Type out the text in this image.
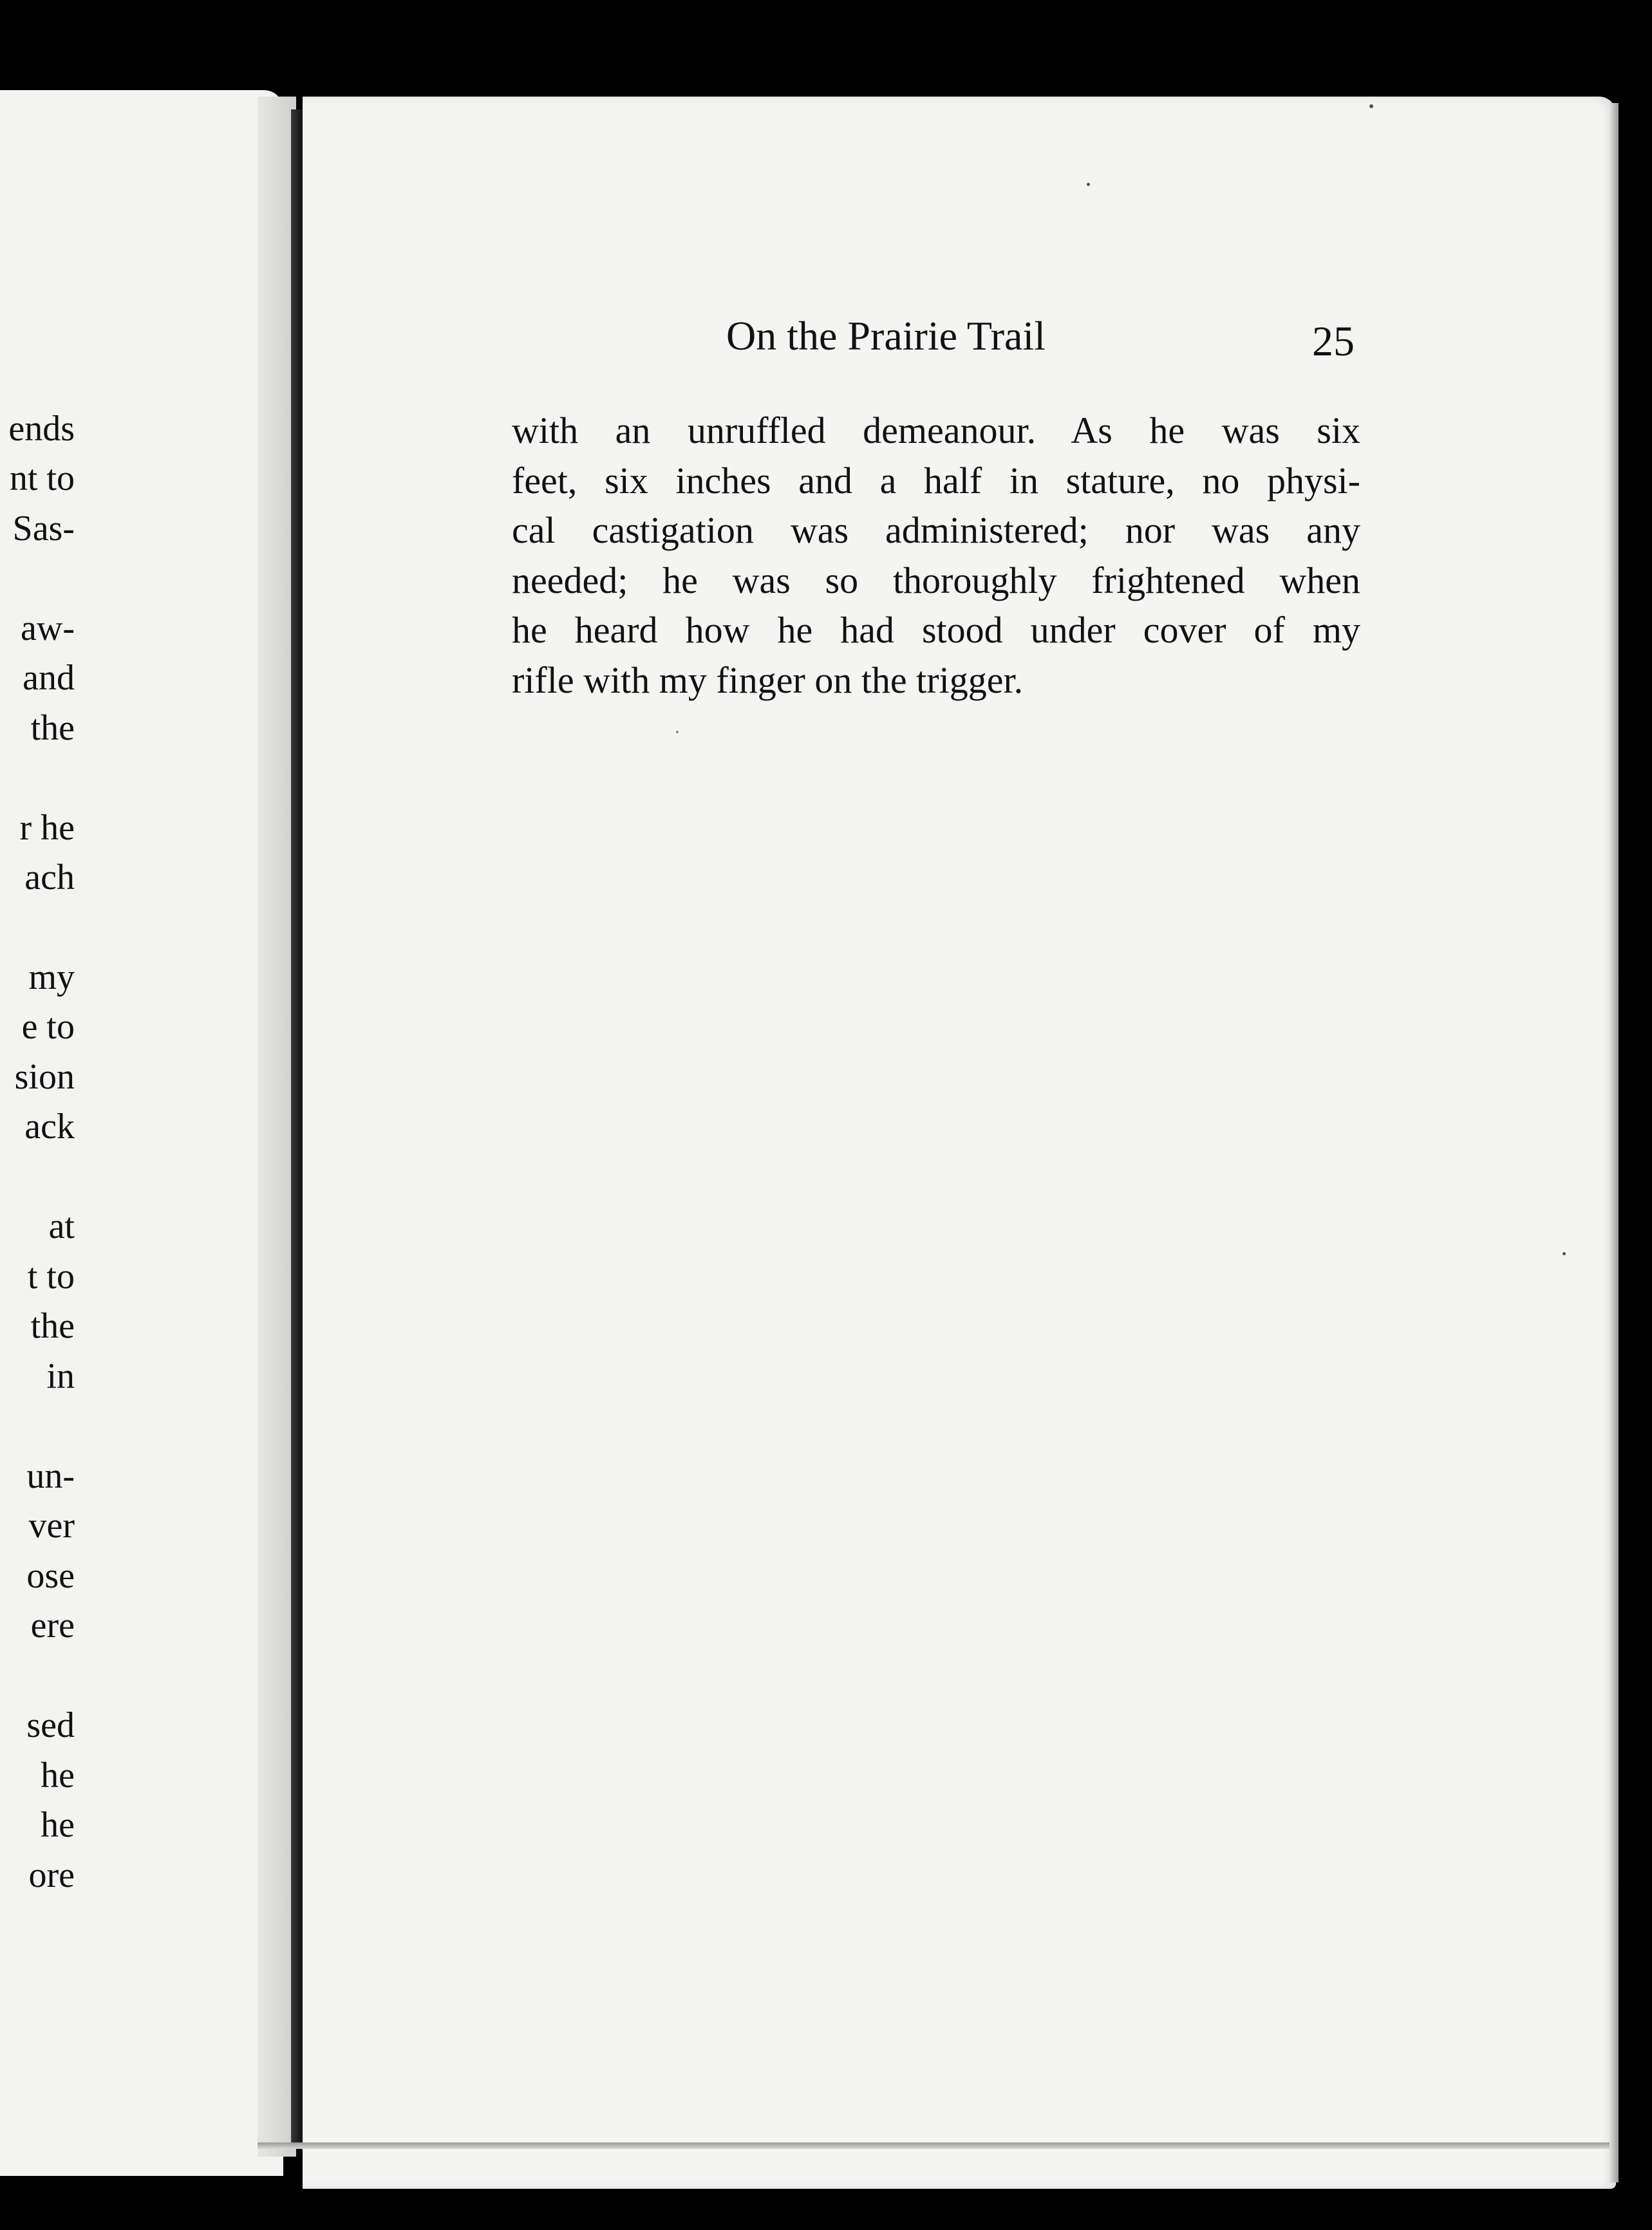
ends
nt to
Sas-
aw-
and
the
r he
ach
my
e to
sion
ack
at
t to
the
in
un-
ver
ose
ere
sed
he
he
ore
On the Prairie Trail	25
with an unruffled demeanour. As he was six
feet, six inches and a half in stature, no physi-
cal castigation was administered; nor was any
needed; he was so thoroughly frightened when
he heard how he had stood under cover of my
rifle with my finger on the trigger.
